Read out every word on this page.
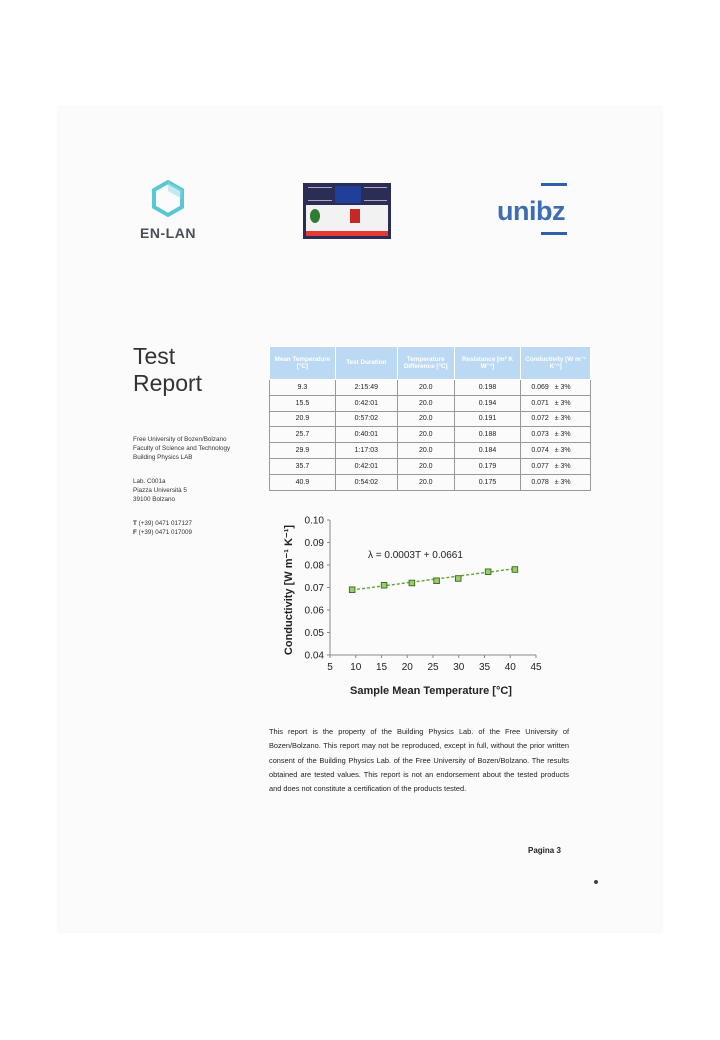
EN-LAN
unibz
Test
Report
Free University of Bozen/Bolzano
Faculty of Science and Technology
Building Physics LAB
Lab. C001a
Piazza Università 5
39100 Bolzano
T (+39) 0471 017127
F (+39) 0471 017009
Mean Temperature [°C]	Test Duration	Temperature Difference [°C]	Resistance [m² K W⁻¹]	Conductivity [W m⁻¹ K⁻¹]
9.3	2:15:49	20.0	0.198	0.069   ± 3%
15.5	0:42:01	20.0	0.194	0.071   ± 3%
20.9	0:57:02	20.0	0.191	0.072   ± 3%
25.7	0:40:01	20.0	0.188	0.073   ± 3%
29.9	1:17:03	20.0	0.184	0.074   ± 3%
35.7	0:42:01	20.0	0.179	0.077   ± 3%
40.9	0:54:02	20.0	0.175	0.078   ± 3%
Conductivity [W m⁻¹ K⁻¹]
Sample Mean Temperature [°C]
λ = 0.0003T + 0.0661
0.04
0.05
0.06
0.07
0.08
0.09
0.10
5 10 15 20 25 30 35 40 45
This report is the property of the Building Physics Lab. of the Free University of Bozen/Bolzano. This report may not be reproduced, except in full, without the prior written consent of the Building Physics Lab. of the Free University of Bozen/Bolzano. The results obtained are tested values. This report is not an endorsement about the tested products and does not constitute a certification of the products tested.
Pagina 3
